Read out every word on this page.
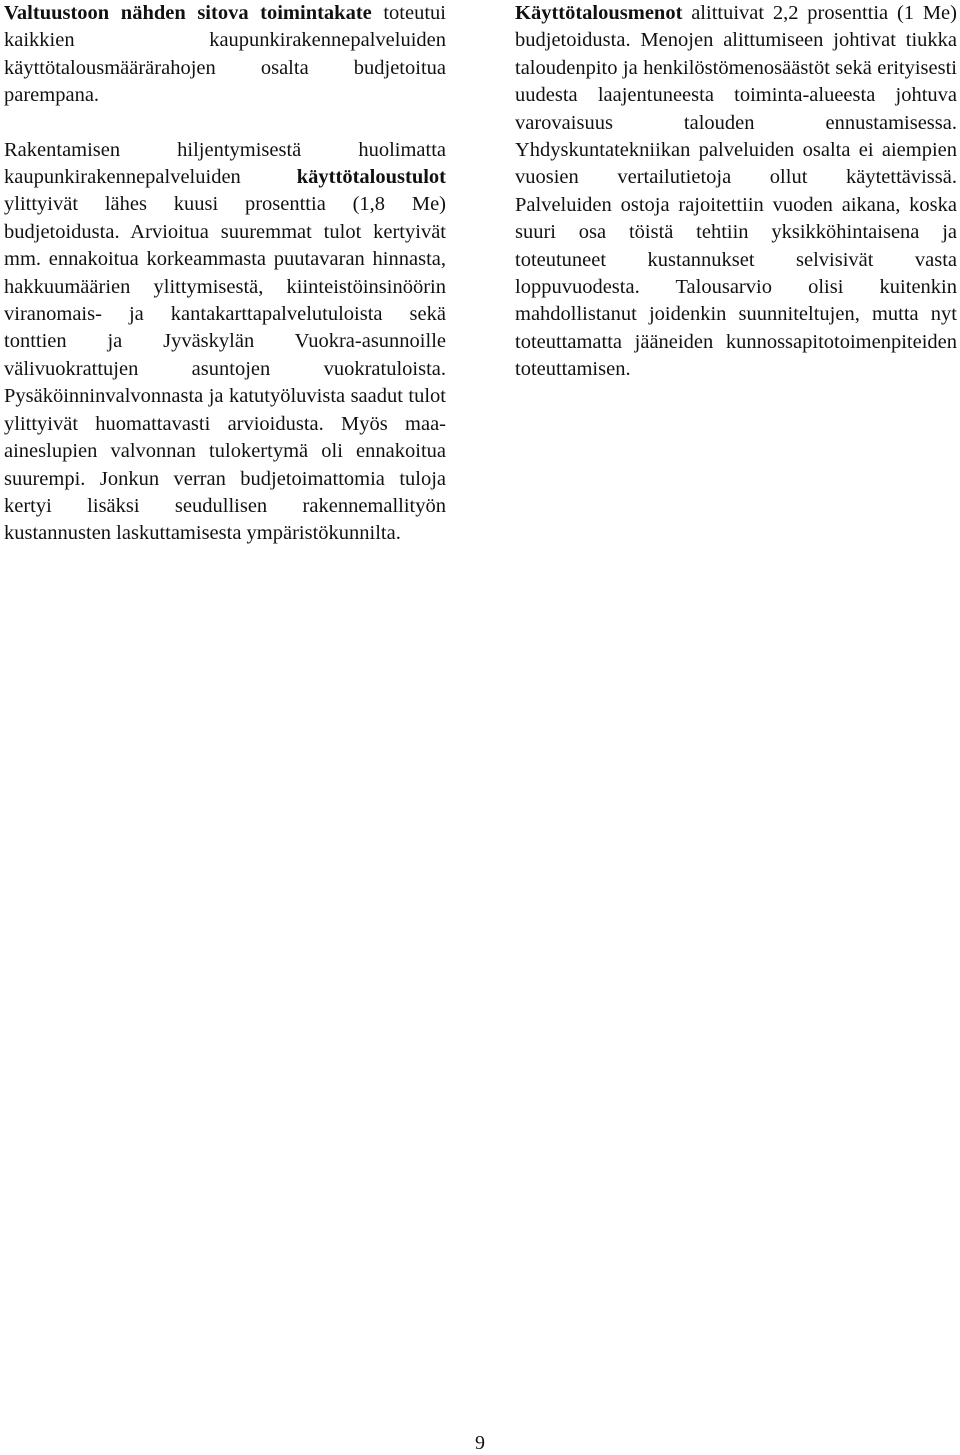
Valtuustoon nähden sitova toimintakate toteutui kaikkien kaupunkirakennepalveluiden käyttötalousmäärärahojen osalta budjetoitua parempana.

Rakentamisen hiljentymisestä huolimatta kaupunkirakennepalveluiden käyttötaloustulot ylittyivät lähes kuusi prosenttia (1,8 Me) budjetoidusta. Arvioitua suuremmat tulot kertyivät mm. ennakoitua korkeammasta puutavaran hinnasta, hakkuumäärien ylittymisestä, kiinteistöinsinöörin viranomais- ja kantakarttapalvelutuloista sekä tonttien ja Jyväskylän Vuokra-asunnoille välivuokrattujen asuntojen vuokratuloista. Pysäköinninvalvonnasta ja katutyöluvista saadut tulot ylittyivät huomattavasti arvioidusta. Myös maa-aineslupien valvonnan tulokertymä oli ennakoitua suurempi. Jonkun verran budjetoimattomia tuloja kertyi lisäksi seudullisen rakennemallityön kustannusten laskuttamisesta ympäristökunnilta.

Käyttötalousmenot alittuivat 2,2 prosenttia (1 Me) budjetoidusta. Menojen alittumiseen johtivat tiukka taloudenpito ja henkilöstömenosäästöt sekä erityisesti uudesta laajentuneesta toiminta-alueesta johtuva varovaisuus talouden ennustamisessa. Yhdyskuntatekniikan palveluiden osalta ei aiempien vuosien vertailutietoja ollut käytettävissä. Palveluiden ostoja rajoitettiin vuoden aikana, koska suuri osa töistä tehtiin yksikköhintaisena ja toteutuneet kustannukset selvisivät vasta loppuvuodesta. Talousarvio olisi kuitenkin mahdollistanut joidenkin suunniteltujen, mutta nyt toteuttamatta jääneiden kunnossapitotoimenpiteiden toteuttamisen.

9
